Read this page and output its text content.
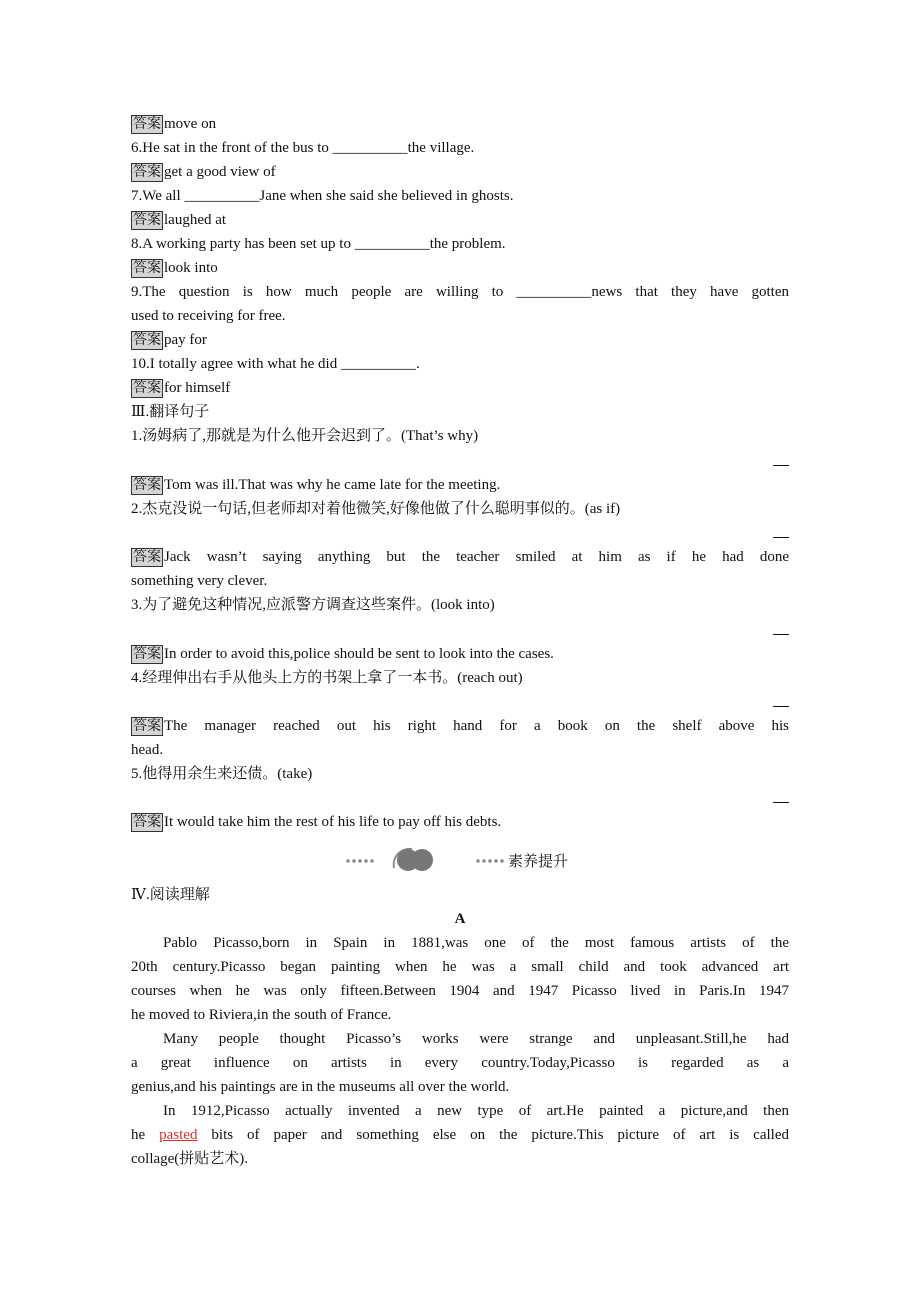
素养提升
答案 move on
6.He sat in the front of the bus to __________the village.
答案 get a good view of
7.We all __________Jane when she said she believed in ghosts.
答案 laughed at
8.A working party has been set up to __________the problem.
答案 look into
9.The question is how much people are willing to __________news that they have gotten
used to receiving for free.
答案 pay for
10.I totally agree with what he did __________.
答案 for himself
Ⅲ.翻译句子
1.汤姆病了,那就是为什么他开会迟到了。(That’s why)
答案 Tom was ill.That was why he came late for the meeting.
2.杰克没说一句话,但老师却对着他微笑,好像他做了什么聪明事似的。(as if)
答案 Jack wasn’t saying anything but the teacher smiled at him as if he had done
something very clever.
3.为了避免这种情况,应派警方调查这些案件。(look into)
答案 In order to avoid this,police should be sent to look into the cases.
4.经理伸出右手从他头上方的书架上拿了一本书。(reach out)
答案 The manager reached out his right hand for a book on the shelf above his
head.
5.他得用余生来还债。(take)
答案 It would take him the rest of his life to pay off his debts.
Ⅳ.阅读理解
A
Pablo Picasso,born in Spain in 1881,was one of the most famous artists of the
20th century.Picasso began painting when he was a small child and took advanced art
courses when he was only fifteen.Between 1904 and 1947 Picasso lived in Paris.In 1947
he moved to Riviera,in the south of France.
Many people thought Picasso’s works were strange and unpleasant.Still,he had
a great influence on artists in every country.Today,Picasso is regarded as a
genius,and his paintings are in the museums all over the world.
In 1912,Picasso actually invented a new type of art.He painted a picture,and then
he pasted bits of paper and something else on the picture.This picture of art is called
collage(拼贴艺术).
